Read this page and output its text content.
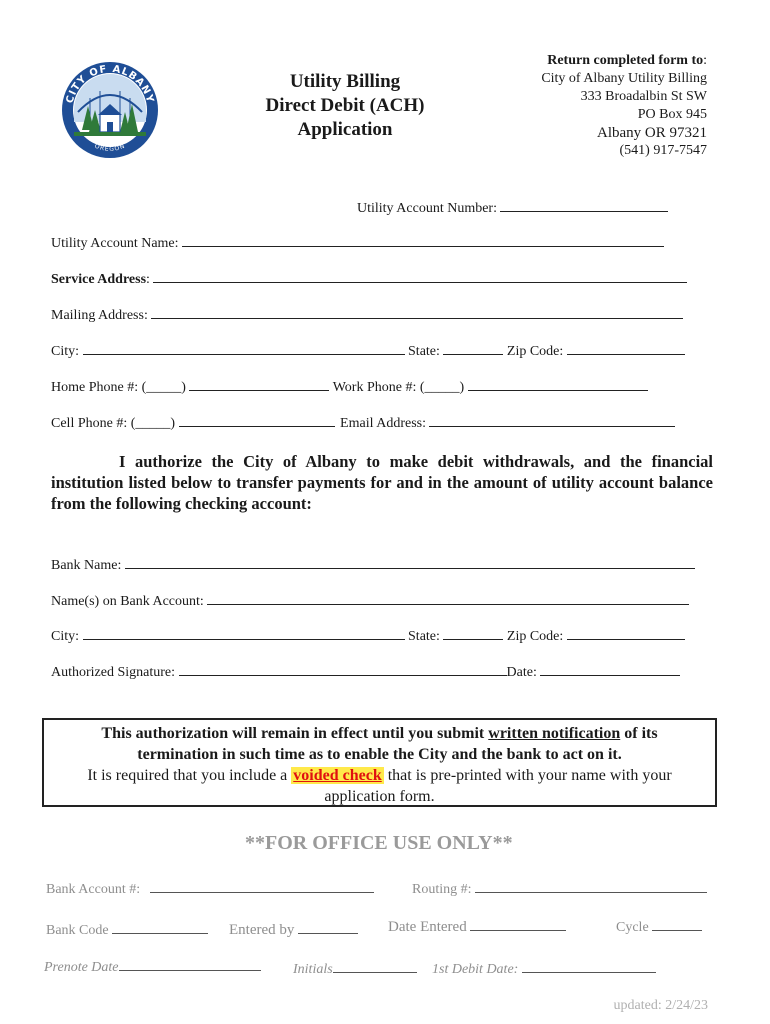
CITY OF ALBANY
OREGON
Utility Billing
Direct Debit (ACH)
Application
Return completed form to:
City of Albany Utility Billing
333 Broadalbin St SW
PO Box 945
Albany OR 97321
(541) 917-7547
Utility Account Number:
Utility Account Name:
Service Address:
Mailing Address:
City:	State:	Zip Code:
Home Phone #: (_____)	Work Phone #: (_____)
Cell Phone #: (_____)	Email Address:
I authorize the City of Albany to make debit withdrawals, and the financial institution listed below to transfer payments for and in the amount of utility account balance from the following checking account:
Bank Name:
Name(s) on Bank Account:
City:	State:	Zip Code:
Authorized Signature:	Date:
This authorization will remain in effect until you submit written notification of its
termination in such time as to enable the City and the bank to act on it.
It is required that you include a voided check that is pre-printed with your name with your
application form.
**FOR OFFICE USE ONLY**
Bank Account #:	Routing #:
Bank Code	Entered by	Date Entered	Cycle
Prenote Date	Initials	1st Debit Date:
updated: 2/24/23
